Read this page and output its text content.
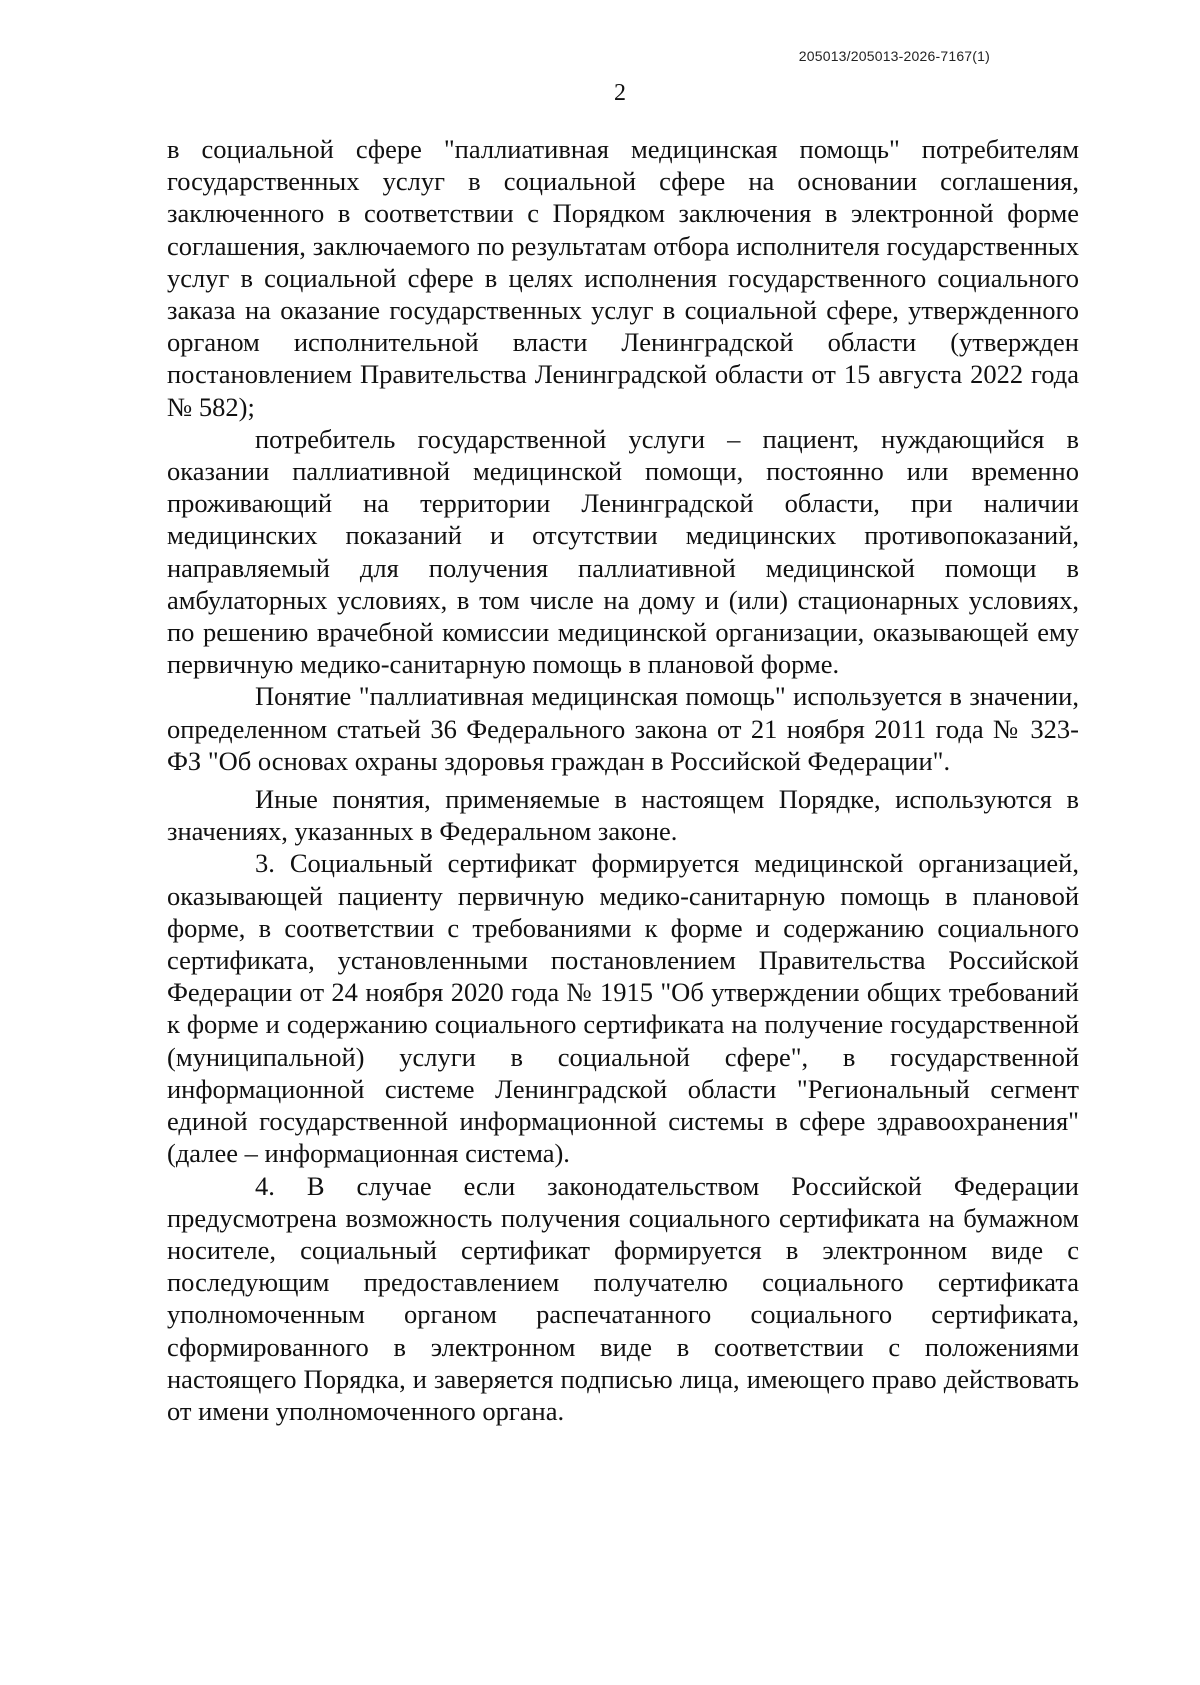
205013/205013-2026-7167(1)
2

в социальной сфере "паллиативная медицинская помощь" потребителям государственных услуг в социальной сфере на основании соглашения, заключенного в соответствии с Порядком заключения в электронной форме соглашения, заключаемого по результатам отбора исполнителя государственных услуг в социальной сфере в целях исполнения государственного социального заказа на оказание государственных услуг в социальной сфере, утвержденного органом исполнительной власти Ленинградской области (утвержден постановлением Правительства Ленинградской области от 15 августа 2022 года № 582);

потребитель государственной услуги – пациент, нуждающийся в оказании паллиативной медицинской помощи, постоянно или временно проживающий на территории Ленинградской области, при наличии медицинских показаний и отсутствии медицинских противопоказаний, направляемый для получения паллиативной медицинской помощи в амбулаторных условиях, в том числе на дому и (или) стационарных условиях, по решению врачебной комиссии медицинской организации, оказывающей ему первичную медико-санитарную помощь в плановой форме.

Понятие "паллиативная медицинская помощь" используется в значении, определенном статьей 36 Федерального закона от 21 ноября 2011 года № 323-ФЗ "Об основах охраны здоровья граждан в Российской Федерации".

Иные понятия, применяемые в настоящем Порядке, используются в значениях, указанных в Федеральном законе.

3. Социальный сертификат формируется медицинской организацией, оказывающей пациенту первичную медико-санитарную помощь в плановой форме, в соответствии с требованиями к форме и содержанию социального сертификата, установленными постановлением Правительства Российской Федерации от 24 ноября 2020 года № 1915 "Об утверждении общих требований к форме и содержанию социального сертификата на получение государственной (муниципальной) услуги в социальной сфере", в государственной информационной системе Ленинградской области "Региональный сегмент единой государственной информационной системы в сфере здравоохранения" (далее – информационная система).

4. В случае если законодательством Российской Федерации предусмотрена возможность получения социального сертификата на бумажном носителе, социальный сертификат формируется в электронном виде с последующим предоставлением получателю социального сертификата уполномоченным органом распечатанного социального сертификата, сформированного в электронном виде в соответствии с положениями настоящего Порядка, и заверяется подписью лица, имеющего право действовать от имени уполномоченного органа.
